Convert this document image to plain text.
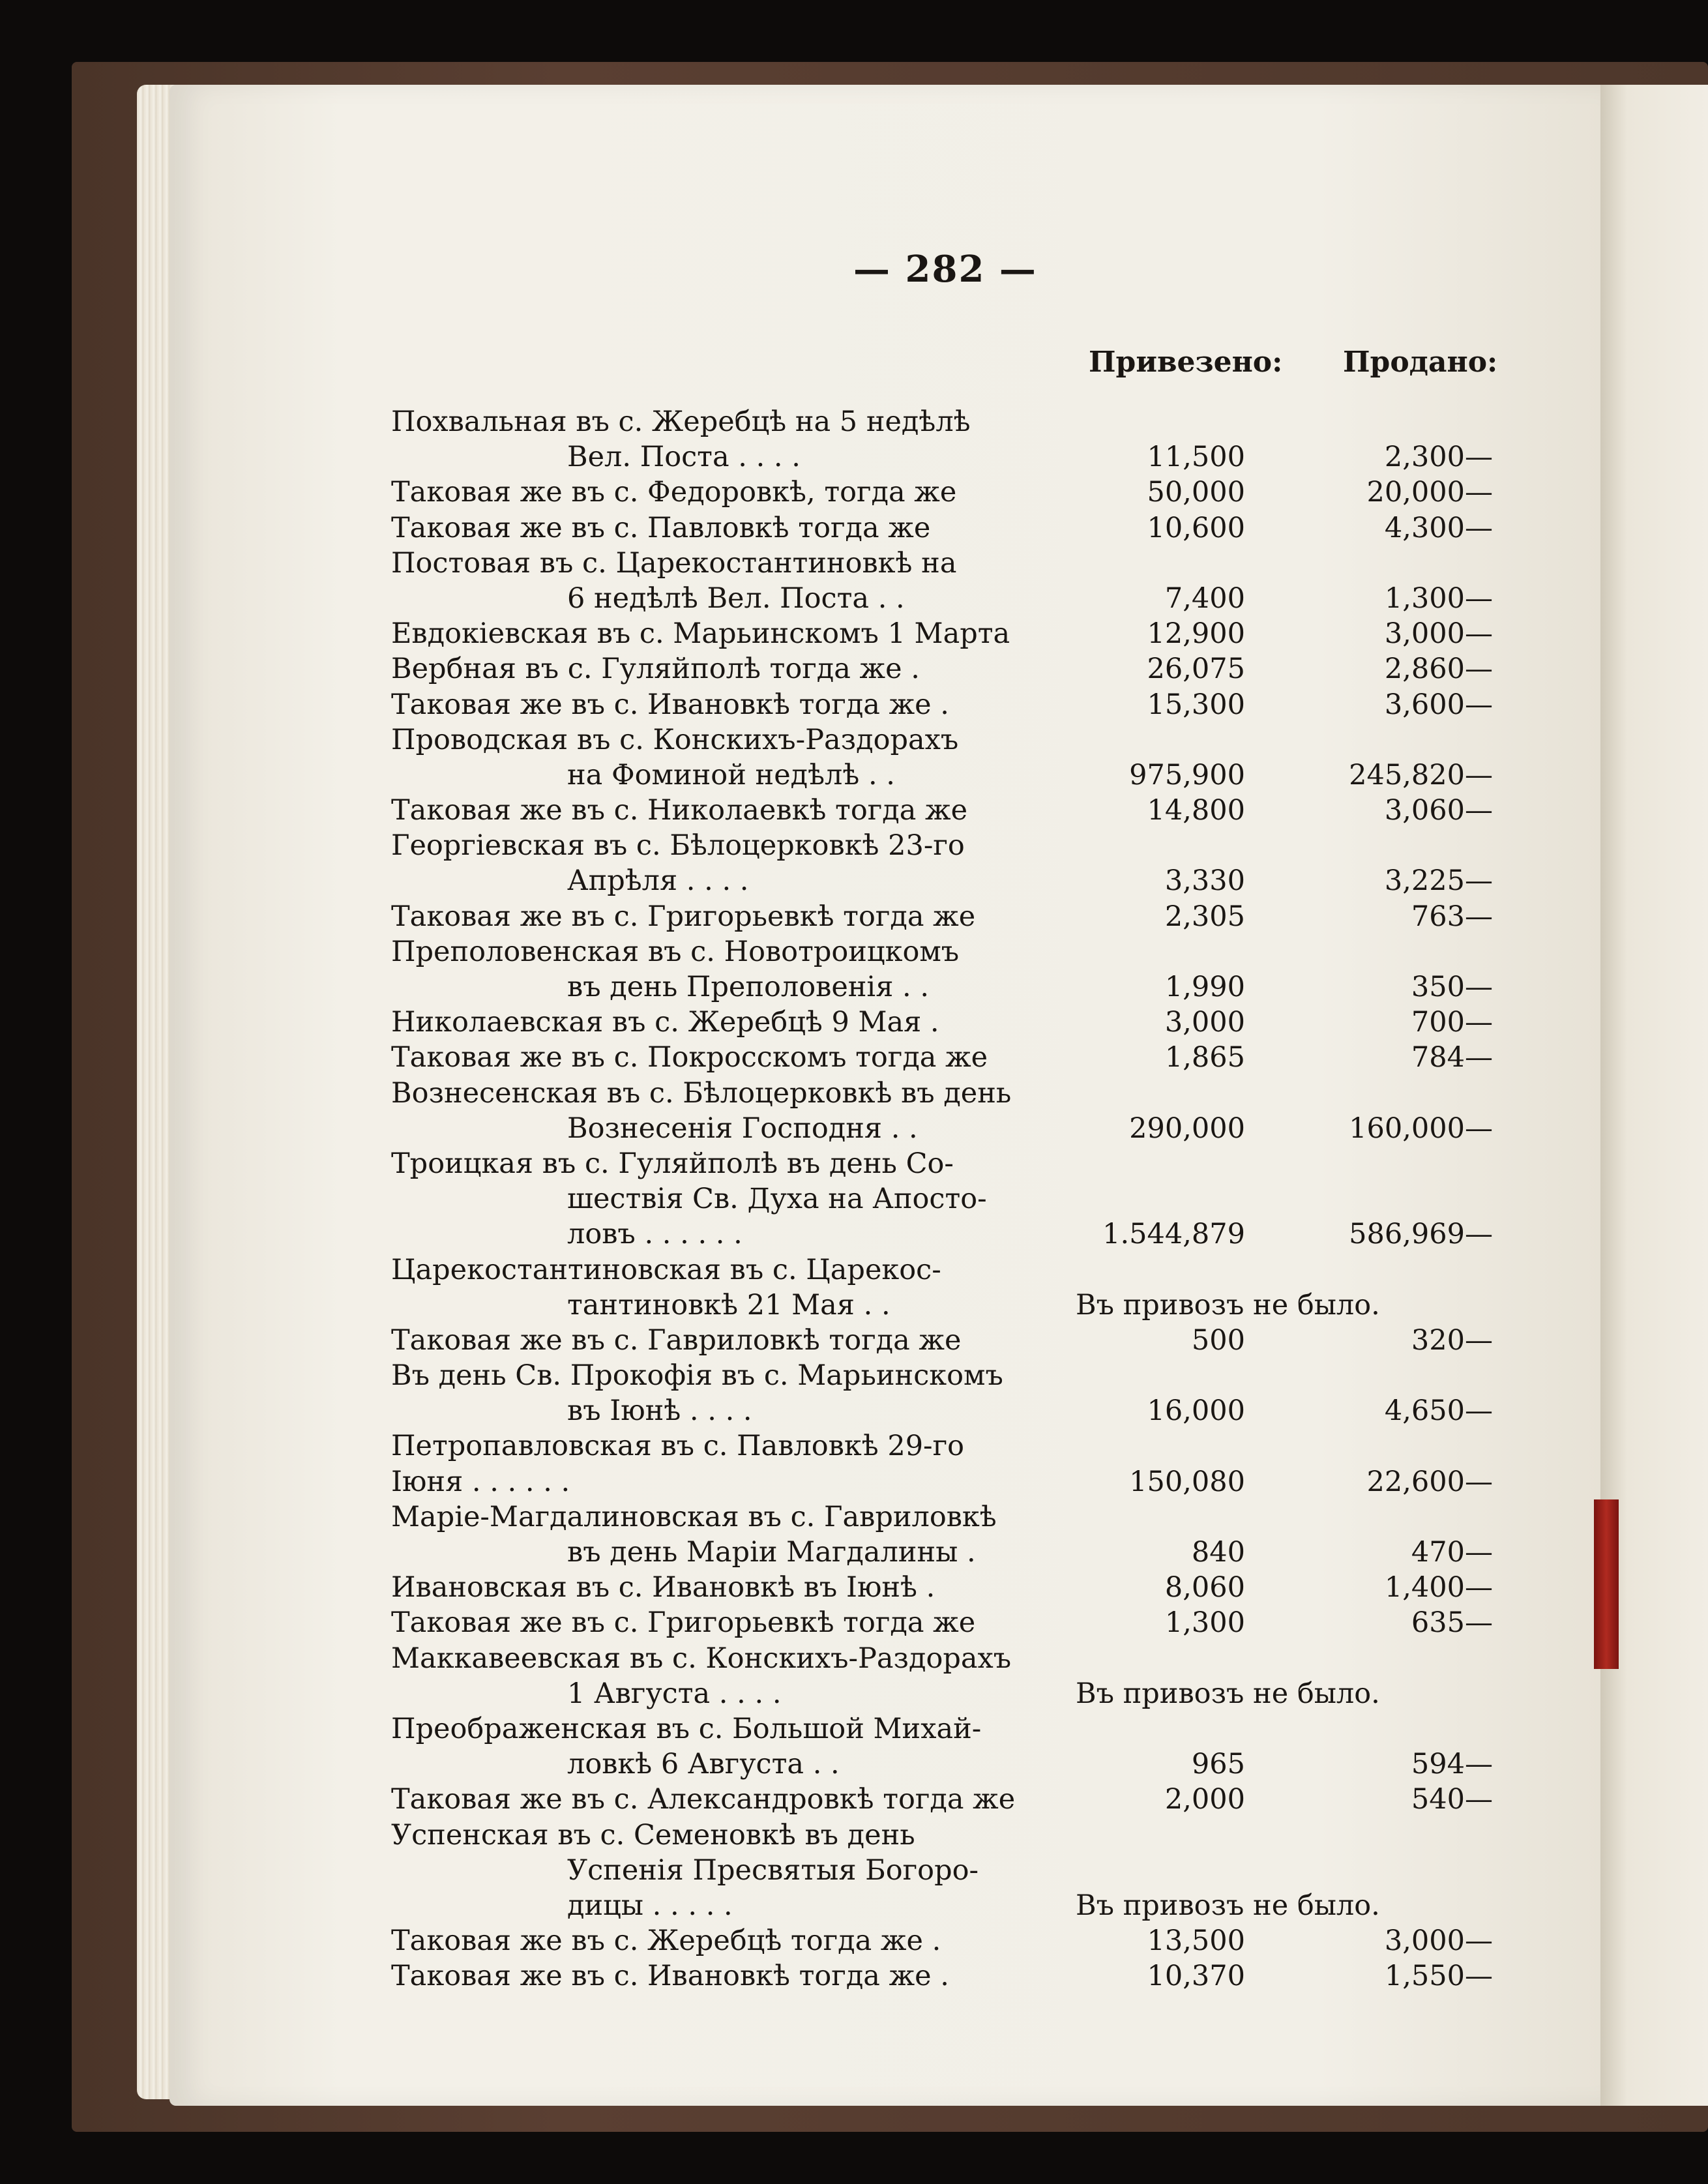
— 282 —
Привезено: Продано:
Похвальная въ с. Жеребцѣ на 5 недѣлѣ
Вел. Поста . . . .	11,500	2,300—
Таковая же въ с. Федоровкѣ, тогда же	50,000	20,000—
Таковая же въ с. Павловкѣ тогда же	10,600	4,300—
Постовая въ с. Царекостантиновкѣ на
6 недѣлѣ Вел. Поста . .	7,400	1,300—
Евдокіевская въ с. Марьинскомъ 1 Марта	12,900	3,000—
Вербная въ с. Гуляйполѣ тогда же .	26,075	2,860—
Таковая же въ с. Ивановкѣ тогда же .	15,300	3,600—
Проводская въ с. Конскихъ-Раздорахъ
на Фоминой недѣлѣ . .	975,900	245,820—
Таковая же въ с. Николаевкѣ тогда же	14,800	3,060—
Георгіевская въ с. Бѣлоцерковкѣ 23-го
Апрѣля . . . .	3,330	3,225—
Таковая же въ с. Григорьевкѣ тогда же	2,305	763—
Преполовенская въ с. Новотроицкомъ
въ день Преполовенія . .	1,990	350—
Николаевская въ с. Жеребцѣ 9 Мая .	3,000	700—
Таковая же въ с. Покросскомъ тогда же	1,865	784—
Вознесенская въ с. Бѣлоцерковкѣ въ день
Вознесенія Господня . .	290,000	160,000—
Троицкая въ с. Гуляйполѣ въ день Со-
шествія Св. Духа на Апосто-
ловъ . . . . . .	1.544,879	586,969—
Царекостантиновская въ с. Царекос-
тантиновкѣ 21 Мая . .	Въ привозъ не было.
Таковая же въ с. Гавриловкѣ тогда же	500	320—
Въ день Св. Прокофія въ с. Марьинскомъ
въ Іюнѣ . . . .	16,000	4,650—
Петропавловская въ с. Павловкѣ 29-го
Іюня . . . . . .	150,080	22,600—
Маріе-Магдалиновская въ с. Гавриловкѣ
въ день Маріи Магдалины .	840	470—
Ивановская въ с. Ивановкѣ въ Іюнѣ .	8,060	1,400—
Таковая же въ с. Григорьевкѣ тогда же	1,300	635—
Маккавеевская въ с. Конскихъ-Раздорахъ
1 Августа . . . .	Въ привозъ не было.
Преображенская въ с. Большой Михай-
ловкѣ 6 Августа . .	965	594—
Таковая же въ с. Александровкѣ тогда же	2,000	540—
Успенская въ с. Семеновкѣ въ день
Успенія Пресвятыя Богоро-
дицы . . . . .	Въ привозъ не было.
Таковая же въ с. Жеребцѣ тогда же .	13,500	3,000—
Таковая же въ с. Ивановкѣ тогда же .	10,370	1,550—
